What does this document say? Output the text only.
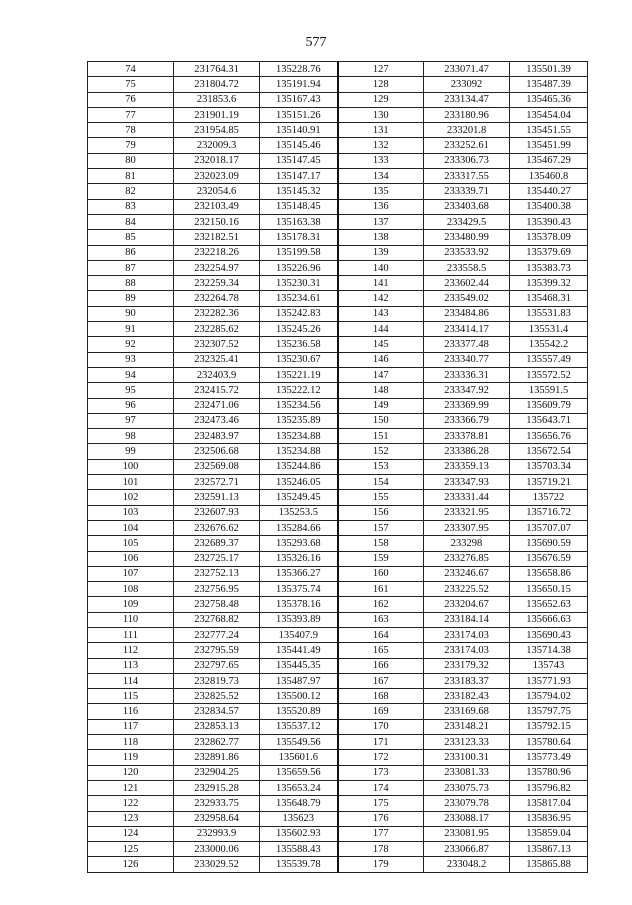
577
74	231764.31	135228.76	127	233071.47	135501.39
75	231804.72	135191.94	128	233092	135487.39
76	231853.6	135167.43	129	233134.47	135465.36
77	231901.19	135151.26	130	233180.96	135454.04
78	231954.85	135140.91	131	233201.8	135451.55
79	232009.3	135145.46	132	233252.61	135451.99
80	232018.17	135147.45	133	233306.73	135467.29
81	232023.09	135147.17	134	233317.55	135460.8
82	232054.6	135145.32	135	233339.71	135440.27
83	232103.49	135148.45	136	233403.68	135400.38
84	232150.16	135163.38	137	233429.5	135390.43
85	232182.51	135178.31	138	233480.99	135378.09
86	232218.26	135199.58	139	233533.92	135379.69
87	232254.97	135226.96	140	233558.5	135383.73
88	232259.34	135230.31	141	233602.44	135399.32
89	232264.78	135234.61	142	233549.02	135468.31
90	232282.36	135242.83	143	233484.86	135531.83
91	232285.62	135245.26	144	233414.17	135531.4
92	232307.52	135236.58	145	233377.48	135542.2
93	232325.41	135230.67	146	233340.77	135557.49
94	232403.9	135221.19	147	233336.31	135572.52
95	232415.72	135222.12	148	233347.92	135591.5
96	232471.06	135234.56	149	233369.99	135609.79
97	232473.46	135235.89	150	233366.79	135643.71
98	232483.97	135234.88	151	233378.81	135656.76
99	232506.68	135234.88	152	233386.28	135672.54
100	232569.08	135244.86	153	233359.13	135703.34
101	232572.71	135246.05	154	233347.93	135719.21
102	232591.13	135249.45	155	233331.44	135722
103	232607.93	135253.5	156	233321.95	135716.72
104	232676.62	135284.66	157	233307.95	135707.07
105	232689.37	135293.68	158	233298	135690.59
106	232725.17	135326.16	159	233276.85	135676.59
107	232752.13	135366.27	160	233246.67	135658.86
108	232756.95	135375.74	161	233225.52	135650.15
109	232758.48	135378.16	162	233204.67	135652.63
110	232768.82	135393.89	163	233184.14	135666.63
111	232777.24	135407.9	164	233174.03	135690.43
112	232795.59	135441.49	165	233174.03	135714.38
113	232797.65	135445.35	166	233179.32	135743
114	232819.73	135487.97	167	233183.37	135771.93
115	232825.52	135500.12	168	233182.43	135794.02
116	232834.57	135520.89	169	233169.68	135797.75
117	232853.13	135537.12	170	233148.21	135792.15
118	232862.77	135549.56	171	233123.33	135780.64
119	232891.86	135601.6	172	233100.31	135773.49
120	232904.25	135659.56	173	233081.33	135780.96
121	232915.28	135653.24	174	233075.73	135796.82
122	232933.75	135648.79	175	233079.78	135817.04
123	232958.64	135623	176	233088.17	135836.95
124	232993.9	135602.93	177	233081.95	135859.04
125	233000.06	135588.43	178	233066.87	135867.13
126	233029.52	135539.78	179	233048.2	135865.88
